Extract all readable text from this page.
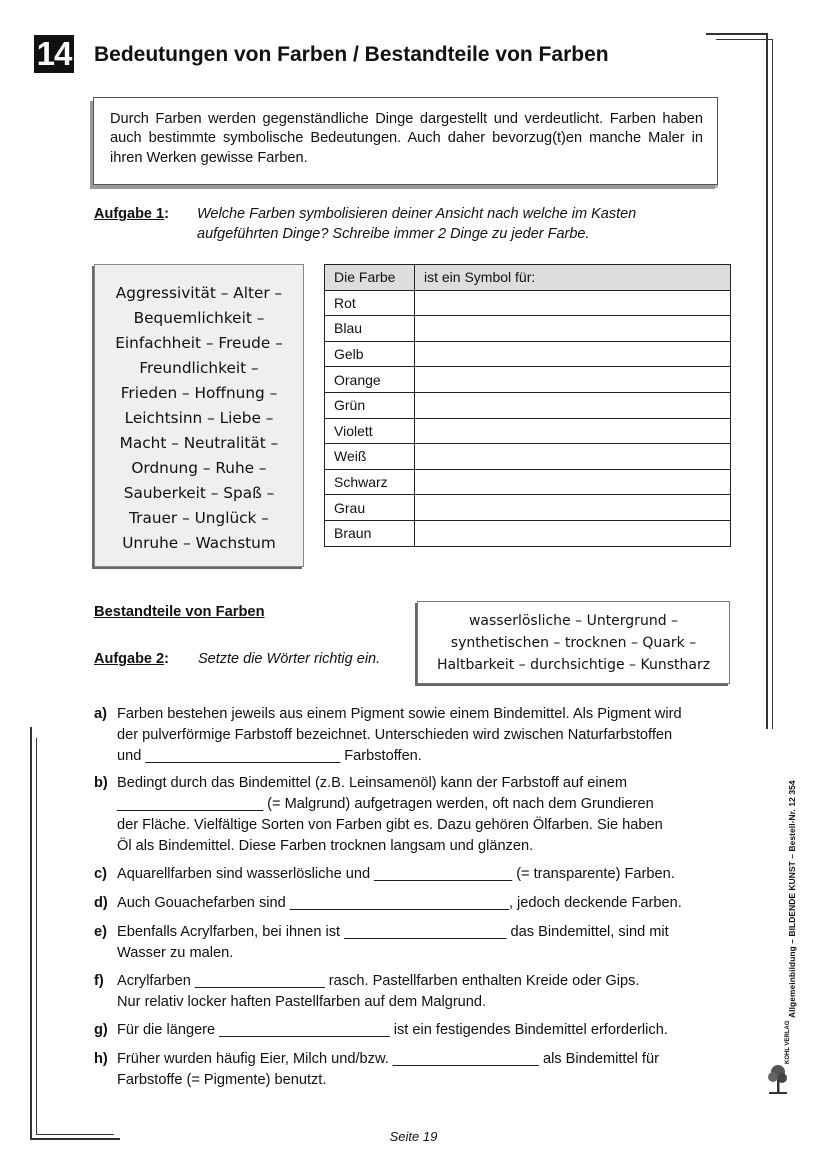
14 Bedeutungen von Farben / Bestandteile von Farben

Durch Farben werden gegenständliche Dinge dargestellt und verdeutlicht. Farben haben auch bestimmte symbolische Bedeutungen. Auch daher bevorzug(t)en manche Maler in ihren Werken gewisse Farben.

Aufgabe 1: Welche Farben symbolisieren deiner Ansicht nach welche im Kasten
aufgeführten Dinge? Schreibe immer 2 Dinge zu jeder Farbe.
Aggressivität – Alter –
Bequemlichkeit –
Einfachheit – Freude –
Freundlichkeit –
Frieden – Hoffnung –
Leichtsinn – Liebe –
Macht – Neutralität –
Ordnung – Ruhe –
Sauberkeit – Spaß –
Trauer – Unglück –
Unruhe – Wachstum
Die Farbe	ist ein Symbol für:
Rot	
Blau	
Gelb	
Orange	
Grün	
Violett	
Weiß	
Schwarz	
Grau	
Braun	
Bestandteile von Farben
Aufgabe 2: Setzte die Wörter richtig ein.
wasserlösliche – Untergrund –
synthetischen – trocknen – Quark –
Haltbarkeit – durchsichtige – Kunstharz
a) Farben bestehen jeweils aus einem Pigment sowie einem Bindemittel. Als Pigment wird
der pulverförmige Farbstoff bezeichnet. Unterschieden wird zwischen Naturfarbstoffen
und ________________________ Farbstoffen.
b) Bedingt durch das Bindemittel (z.B. Leinsamenöl) kann der Farbstoff auf einem
__________________ (= Malgrund) aufgetragen werden, oft nach dem Grundieren
der Fläche. Vielfältige Sorten von Farben gibt es. Dazu gehören Ölfarben. Sie haben
Öl als Bindemittel. Diese Farben trocknen langsam und glänzen.
c) Aquarellfarben sind wasserlösliche und _________________ (= transparente) Farben.
d) Auch Gouachefarben sind ___________________________, jedoch deckende Farben.
e) Ebenfalls Acrylfarben, bei ihnen ist ____________________ das Bindemittel, sind mit
Wasser zu malen.
f) Acrylfarben ________________ rasch. Pastellfarben enthalten Kreide oder Gips.
Nur relativ locker haften Pastellfarben auf dem Malgrund.
g) Für die längere _____________________ ist ein festigendes Bindemittel erforderlich.
h) Früher wurden häufig Eier, Milch und/bzw. __________________ als Bindemittel für
Farbstoffe (= Pigmente) benutzt.
Allgemeinbildung – BILDENDE KUNST – Bestell-Nr. 12 354
KOHL VERLAG
Seite 19
